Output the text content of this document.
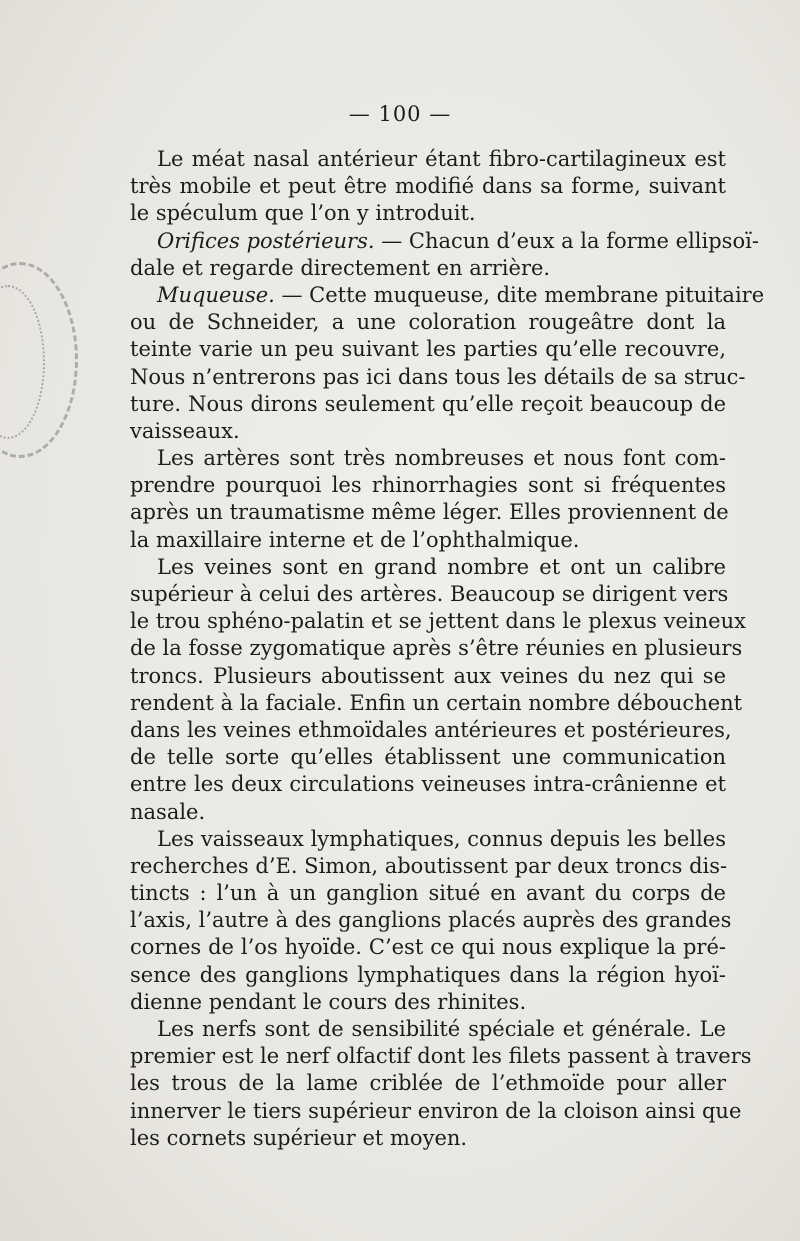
— 100 —
Le méat nasal antérieur étant fibro-cartilagineux est
très mobile et peut être modifié dans sa forme, suivant
le spéculum que l’on y introduit.
Orifices postérieurs. — Chacun d’eux a la forme ellipsoï-
dale et regarde directement en arrière.
Muqueuse. — Cette muqueuse, dite membrane pituitaire
ou de Schneider, a une coloration rougeâtre dont la
teinte varie un peu suivant les parties qu’elle recouvre,
Nous n’entrerons pas ici dans tous les détails de sa struc-
ture. Nous dirons seulement qu’elle reçoit beaucoup de
vaisseaux.
Les artères sont très nombreuses et nous font com-
prendre pourquoi les rhinorrhagies sont si fréquentes
après un traumatisme même léger. Elles proviennent de
la maxillaire interne et de l’ophthalmique.
Les veines sont en grand nombre et ont un calibre
supérieur à celui des artères. Beaucoup se dirigent vers
le trou sphéno-palatin et se jettent dans le plexus veineux
de la fosse zygomatique après s’être réunies en plusieurs
troncs. Plusieurs aboutissent aux veines du nez qui se
rendent à la faciale. Enfin un certain nombre débouchent
dans les veines ethmoïdales antérieures et postérieures,
de telle sorte qu’elles établissent une communication
entre les deux circulations veineuses intra-crânienne et
nasale.
Les vaisseaux lymphatiques, connus depuis les belles
recherches d’E. Simon, aboutissent par deux troncs dis-
tincts : l’un à un ganglion situé en avant du corps de
l’axis, l’autre à des ganglions placés auprès des grandes
cornes de l’os hyoïde. C’est ce qui nous explique la pré-
sence des ganglions lymphatiques dans la région hyoï-
dienne pendant le cours des rhinites.
Les nerfs sont de sensibilité spéciale et générale. Le
premier est le nerf olfactif dont les filets passent à travers
les trous de la lame criblée de l’ethmoïde pour aller
innerver le tiers supérieur environ de la cloison ainsi que
les cornets supérieur et moyen.
